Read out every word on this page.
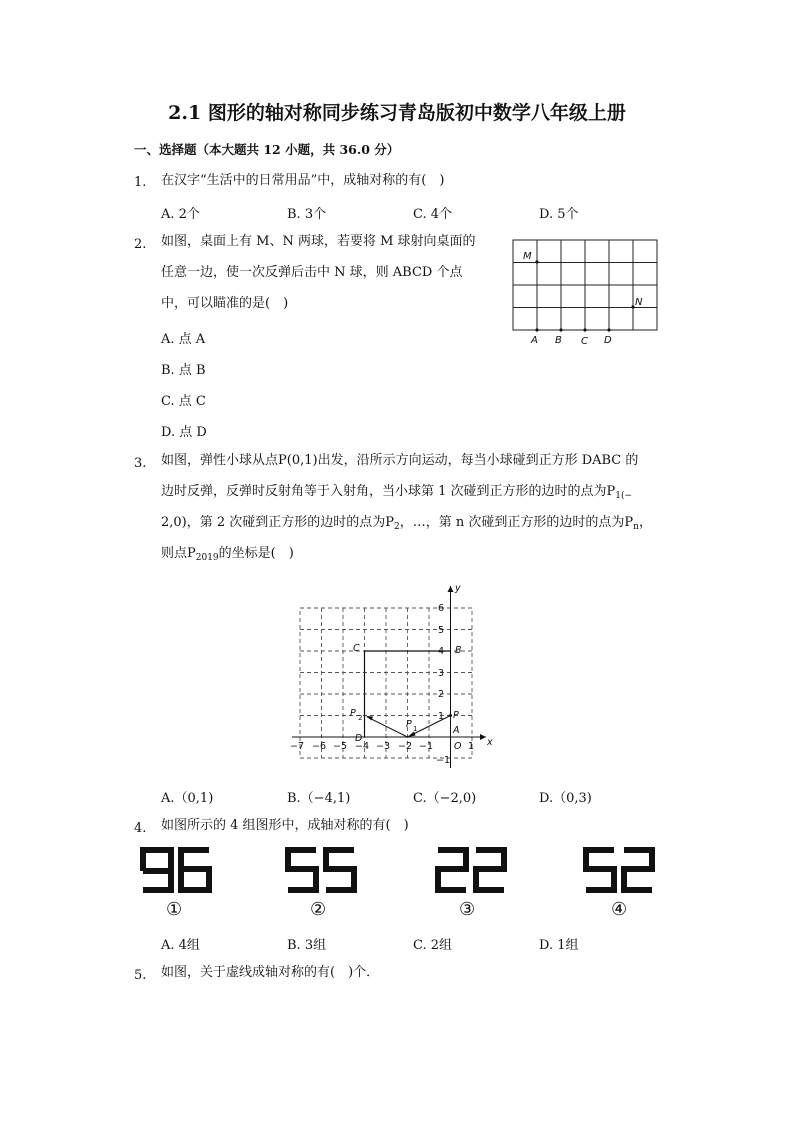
2.1 图形的轴对称同步练习青岛版初中数学八年级上册
一、选择题（本大题共 12 小题，共 36.0 分）
1. 在汉字“生活中的日常用品”中，成轴对称的有(　)
A. 2个	B. 3个	C. 4个	D. 5个
2. 如图，桌面上有 M、N 两球，若要将 M 球射向桌面的
任意一边，使一次反弹后击中 N 球，则 ABCD 个点
中，可以瞄准的是(　)
A. 点 A
B. 点 B
C. 点 C
D. 点 D
M
N
A B C D
3. 如图，弹性小球从点P(0,1)出发，沿所示方向运动，每当小球碰到正方形 DABC 的
边时反弹，反弹时反射角等于入射角，当小球第 1 次碰到正方形的边时的点为$P_{1(-}$
2,0)，第 2 次碰到正方形的边时的点为$P_2$，…，第 n 次碰到正方形的边时的点为$P_n$，
则点$P_{2019}$的坐标是(　)
−7 −6 −5 −4 −3 −2 −1 O 1
6
5
4
3
2
1
−1
x
y
C	B
A
D
P
P 2
P 1
A.（0,1)	B.（−4,1)	C.（−2,0)	D.（0,3)
4. 如图所示的 4 组图形中，成轴对称的有(　)
①	②	③	④
A. 4组	B. 3组	C. 2组	D. 1组
5. 如图，关于虚线成轴对称的有(　)个．
